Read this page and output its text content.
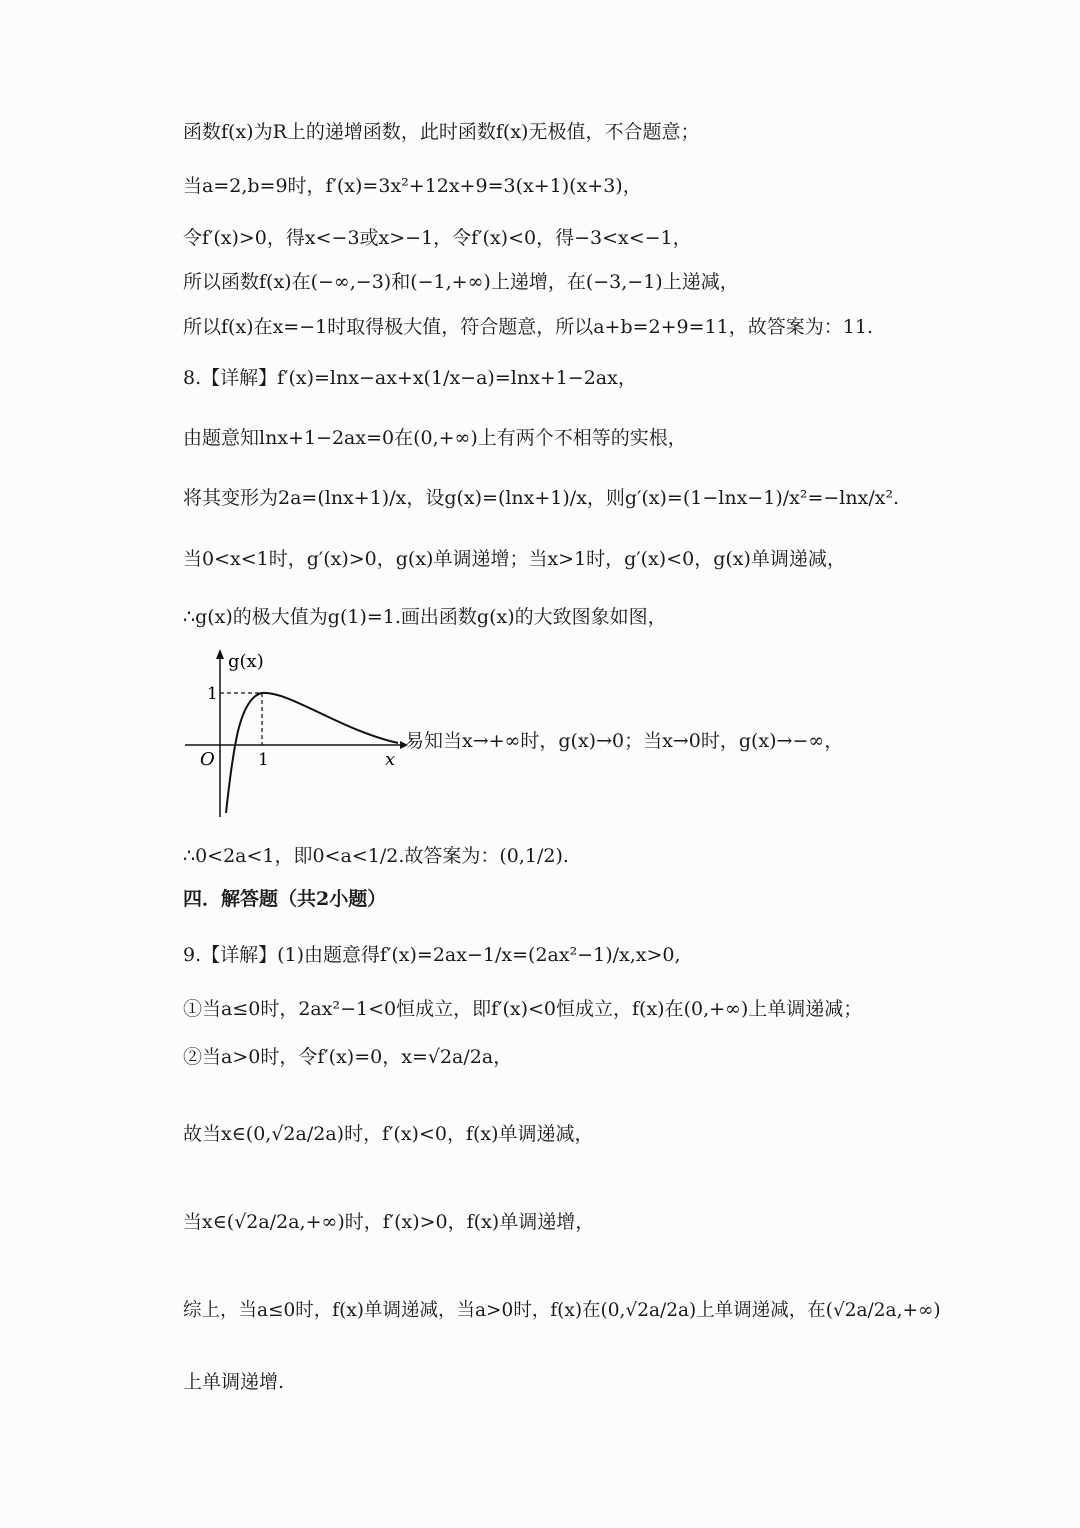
函数f(x)为R上的递增函数，此时函数f(x)无极值，不合题意；
当a=2,b=9时，f′(x)=3x²+12x+9=3(x+1)(x+3)，
令f′(x)>0，得x<−3或x>−1，令f′(x)<0，得−3<x<−1，
所以函数f(x)在(−∞,−3)和(−1,+∞)上递增，在(−3,−1)上递减，
所以f(x)在x=−1时取得极大值，符合题意，所以a+b=2+9=11，故答案为：11.
8.【详解】f′(x)=lnx−ax+x(1/x−a)=lnx+1−2ax，
由题意知lnx+1−2ax=0在(0,+∞)上有两个不相等的实根，
将其变形为2a=(lnx+1)/x，设g(x)=(lnx+1)/x，则g′(x)=(1−lnx−1)/x²=−lnx/x².
当0<x<1时，g′(x)>0，g(x)单调递增；当x>1时，g′(x)<0，g(x)单调递减，
∴g(x)的极大值为g(1)=1.画出函数g(x)的大致图象如图，
g(x)
1
O	1	x
易知当x→+∞时，g(x)→0；当x→0时，g(x)→−∞，
∴0<2a<1，即0<a<1/2.故答案为：(0,1/2).
四．解答题（共2小题）
9.【详解】(1)由题意得f′(x)=2ax−1/x=(2ax²−1)/x,x>0,
①当a≤0时，2ax²−1<0恒成立，即f′(x)<0恒成立，f(x)在(0,+∞)上单调递减；
②当a>0时，令f′(x)=0，x=√2a/2a，
故当x∈(0,√2a/2a)时，f′(x)<0，f(x)单调递减，
当x∈(√2a/2a,+∞)时，f′(x)>0，f(x)单调递增，
综上，当a≤0时，f(x)单调递减，当a>0时，f(x)在(0,√2a/2a)上单调递减，在(√2a/2a,+∞)
上单调递增.
